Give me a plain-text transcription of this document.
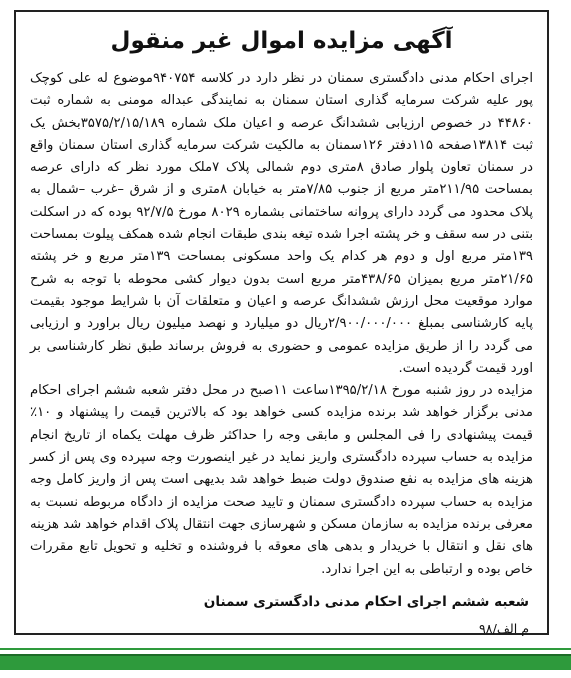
آگهی مزایده اموال غیر منقول

اجرای احکام مدنی دادگستری سمنان در نظر دارد در کلاسه ۹۴۰۷۵۴موضوع له علی کوچک پور علیه شرکت سرمایه گذاری استان سمنان به نمایندگی عبداله مومنی به شماره ثبت ۴۴۸۶۰ در خصوص ارزیابی ششدانگ عرصه و اعیان ملک شماره ۳۵۷۵/۲/۱۵/۱۸۹بخش یک ثبت ۱۳۸۱۴صفحه ۱۱۵دفتر ۱۲۶سمنان به مالکیت شرکت سرمایه گذاری استان سمنان واقع در سمنان تعاون پلوار صادق ۸متری دوم شمالی پلاک ۷ملک مورد نظر که دارای عرصه بمساحت ۲۱۱/۹۵متر مربع از جنوب ۷/۸۵متر به خیابان ۸متری و از شرق –غرب –شمال به پلاک محدود می گردد دارای پروانه ساختمانی بشماره ۸۰۲۹ مورخ ۹۲/۷/۵ بوده که در اسکلت بتنی در سه سقف و خر پشته اجرا شده تیغه بندی طبقات انجام شده همکف پیلوت بمساحت ۱۳۹متر مربع اول و دوم هر کدام یک واحد مسکونی بمساحت ۱۳۹متر مربع و خر پشته ۲۱/۶۵متر مربع بمیزان ۴۳۸/۶۵متر مربع است بدون دیوار کشی محوطه با توجه به شرح موارد موقعیت محل ارزش ششدانگ عرصه و اعیان و متعلقات آن با شرایط موجود بقیمت پایه کارشناسی بمبلغ ۲/۹۰۰/۰۰۰/۰۰۰ریال دو میلیارد و نهصد میلیون ریال براورد و ارزیابی می گردد را از طریق مزایده عمومی و حضوری به فروش برساند طبق نظر کارشناسی بر اورد قیمت گردیده است.

مزایده در روز شنبه مورخ ۱۳۹۵/۲/۱۸ساعت ۱۱صبح در محل دفتر شعبه ششم اجرای احکام مدنی برگزار خواهد شد برنده مزایده کسی خواهد بود که بالاترین قیمت را پیشنهاد و ۱۰٪ قیمت پیشنهادی را فی المجلس و مابقی وجه را حداکثر ظرف مهلت یکماه از تاریخ انجام مزایده به حساب سپرده دادگستری واریز نماید در غیر اینصورت وجه سپرده وی پس از کسر هزینه های مزایده به نفع صندوق دولت ضبط خواهد شد بدیهی است پس از واریز کامل وجه مزایده به حساب سپرده دادگستری سمنان و تایید صحت مزایده از دادگاه مربوطه نسبت به معرفی برنده مزایده به سازمان مسکن و شهرسازی جهت انتقال پلاک اقدام خواهد شد هزینه های نقل و انتقال با خریدار و بدهی های معوقه با فروشنده و تخلیه و تحویل تابع مقررات خاص بوده و ارتباطی به این اجرا ندارد.

شعبه ششم اجرای احکام مدنی دادگستری سمنان
م الف/۹۸
